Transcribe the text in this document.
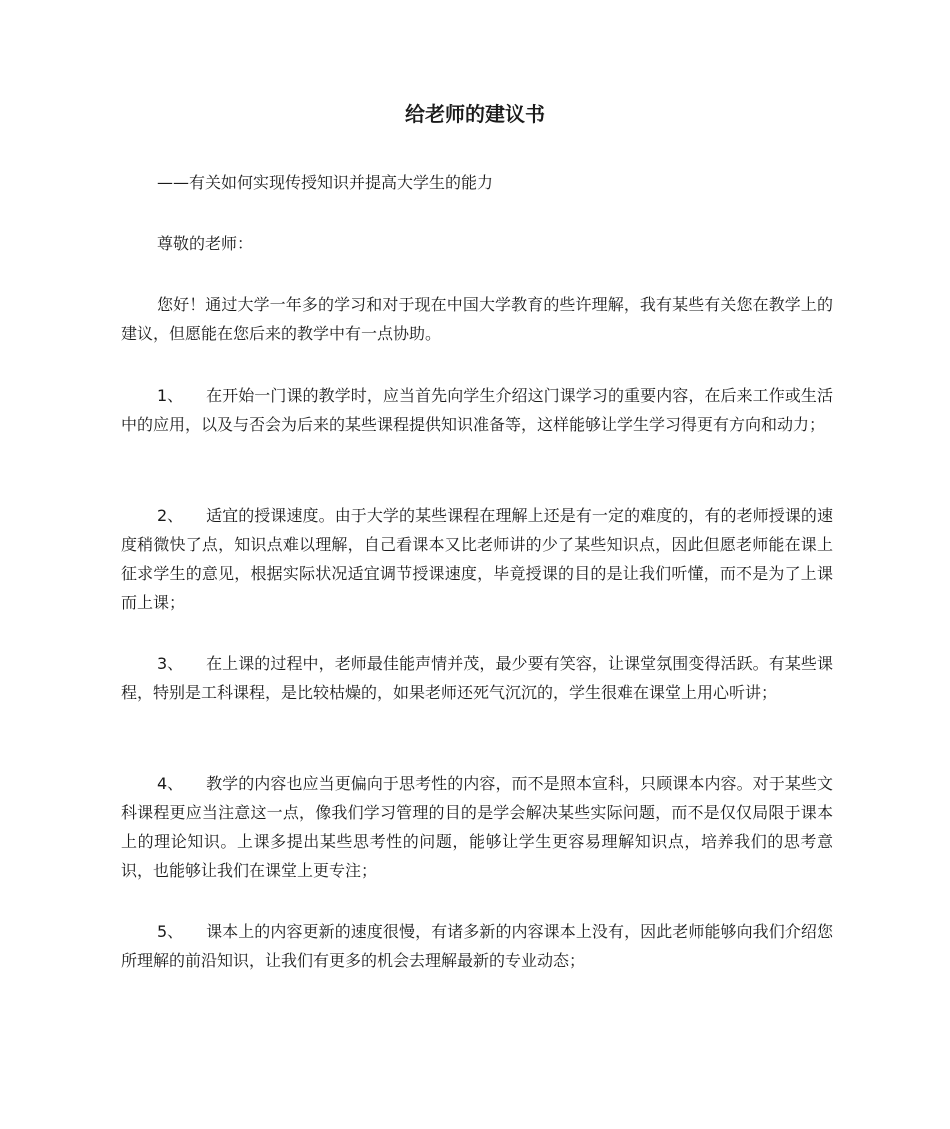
给老师的建议书

——有关如何实现传授知识并提高大学生的能力

尊敬的老师：

您好！通过大学一年多的学习和对于现在中国大学教育的些许理解，我有某些有关您在教学上的建议，但愿能在您后来的教学中有一点协助。

1、 在开始一门课的教学时，应当首先向学生介绍这门课学习的重要内容，在后来工作或生活中的应用，以及与否会为后来的某些课程提供知识准备等，这样能够让学生学习得更有方向和动力；

2、 适宜的授课速度。由于大学的某些课程在理解上还是有一定的难度的，有的老师授课的速度稍微快了点，知识点难以理解，自己看课本又比老师讲的少了某些知识点，因此但愿老师能在课上征求学生的意见，根据实际状况适宜调节授课速度，毕竟授课的目的是让我们听懂，而不是为了上课而上课；

3、 在上课的过程中，老师最佳能声情并茂，最少要有笑容，让课堂氛围变得活跃。有某些课程，特别是工科课程，是比较枯燥的，如果老师还死气沉沉的，学生很难在课堂上用心听讲；

4、 教学的内容也应当更偏向于思考性的内容，而不是照本宣科，只顾课本内容。对于某些文科课程更应当注意这一点，像我们学习管理的目的是学会解决某些实际问题，而不是仅仅局限于课本上的理论知识。上课多提出某些思考性的问题，能够让学生更容易理解知识点，培养我们的思考意识，也能够让我们在课堂上更专注；

5、 课本上的内容更新的速度很慢，有诸多新的内容课本上没有，因此老师能够向我们介绍您所理解的前沿知识，让我们有更多的机会去理解最新的专业动态；
